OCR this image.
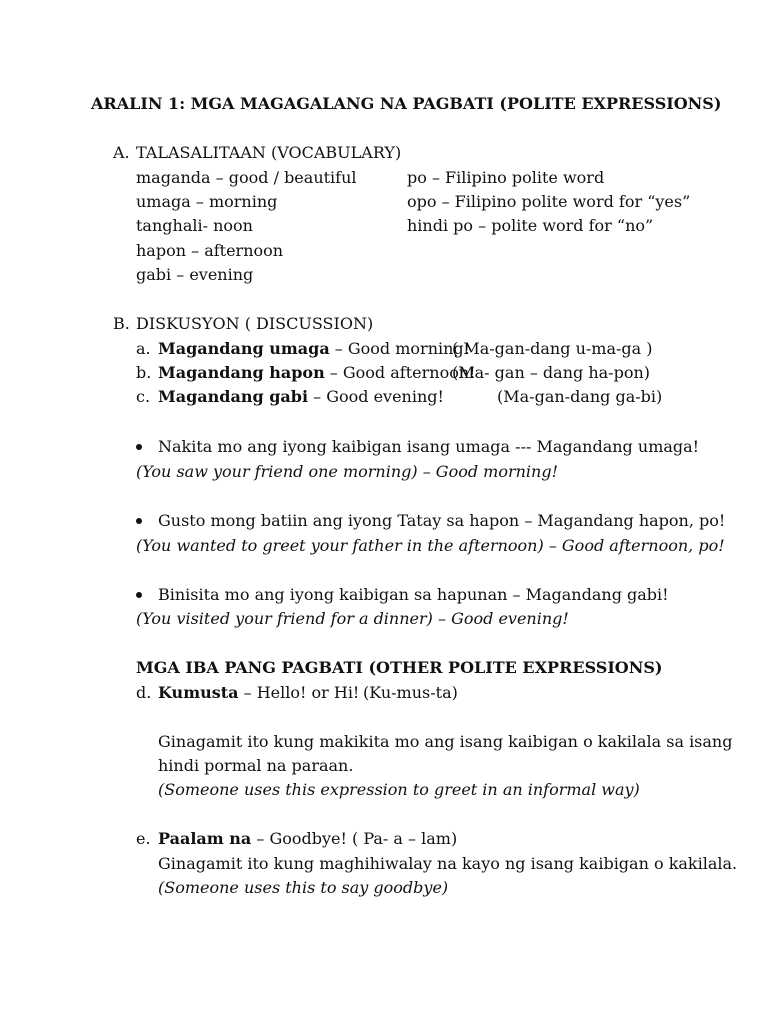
ARALIN 1: MGA MAGAGALANG NA PAGBATI (POLITE EXPRESSIONS)
A. TALASALITAAN (VOCABULARY)
maganda – good / beautiful
umaga – morning
tanghali- noon
hapon – afternoon
gabi – evening
po – Filipino polite word
opo – Filipino polite word for “yes”
hindi po – polite word for “no”
B. DISKUSYON ( DISCUSSION)
a. Magandang umaga – Good morning!
( Ma-gan-dang u-ma-ga )
b. Magandang hapon – Good afternoon!
(Ma- gan – dang ha-pon)
c. Magandang gabi – Good evening!	(Ma-gan-dang ga-bi)
Nakita mo ang iyong kaibigan isang umaga --- Magandang umaga!
(You saw your friend one morning) – Good morning!
Gusto mong batiin ang iyong Tatay sa hapon – Magandang hapon, po!
(You wanted to greet your father in the afternoon) – Good afternoon, po!
Binisita mo ang iyong kaibigan sa hapunan – Magandang gabi!
(You visited your friend for a dinner) – Good evening!
MGA IBA PANG PAGBATI (OTHER POLITE EXPRESSIONS)
d. Kumusta – Hello! or Hi! (Ku-mus-ta)
Ginagamit ito kung makikita mo ang isang kaibigan o kakilala sa isang
hindi pormal na paraan.
(Someone uses this expression to greet in an informal way)
e. Paalam na – Goodbye! ( Pa- a – lam)
Ginagamit ito kung maghihiwalay na kayo ng isang kaibigan o kakilala.
(Someone uses this to say goodbye)
